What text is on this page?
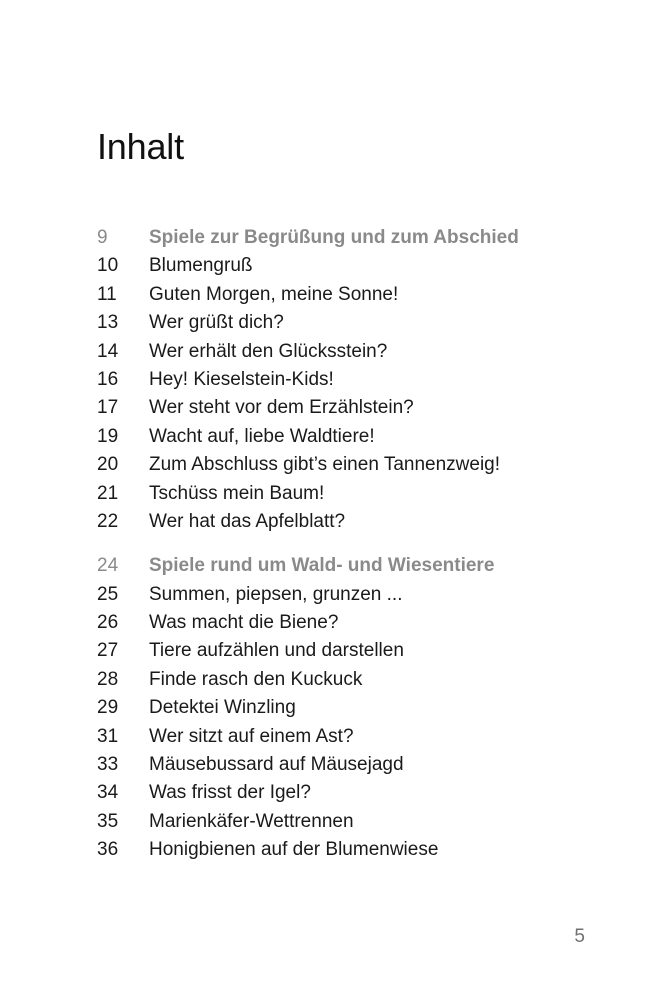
Inhalt
9	Spiele zur Begrüßung und zum Abschied
10	Blumengruß
11	Guten Morgen, meine Sonne!
13	Wer grüßt dich?
14	Wer erhält den Glücksstein?
16	Hey! Kieselstein-Kids!
17	Wer steht vor dem Erzählstein?
19	Wacht auf, liebe Waldtiere!
20	Zum Abschluss gibt’s einen Tannenzweig!
21	Tschüss mein Baum!
22	Wer hat das Apfelblatt?
24	Spiele rund um Wald- und Wiesentiere
25	Summen, piepsen, grunzen ...
26	Was macht die Biene?
27	Tiere aufzählen und darstellen
28	Finde rasch den Kuckuck
29	Detektei Winzling
31	Wer sitzt auf einem Ast?
33	Mäusebussard auf Mäusejagd
34	Was frisst der Igel?
35	Marienkäfer-Wettrennen
36	Honigbienen auf der Blumenwiese
5
